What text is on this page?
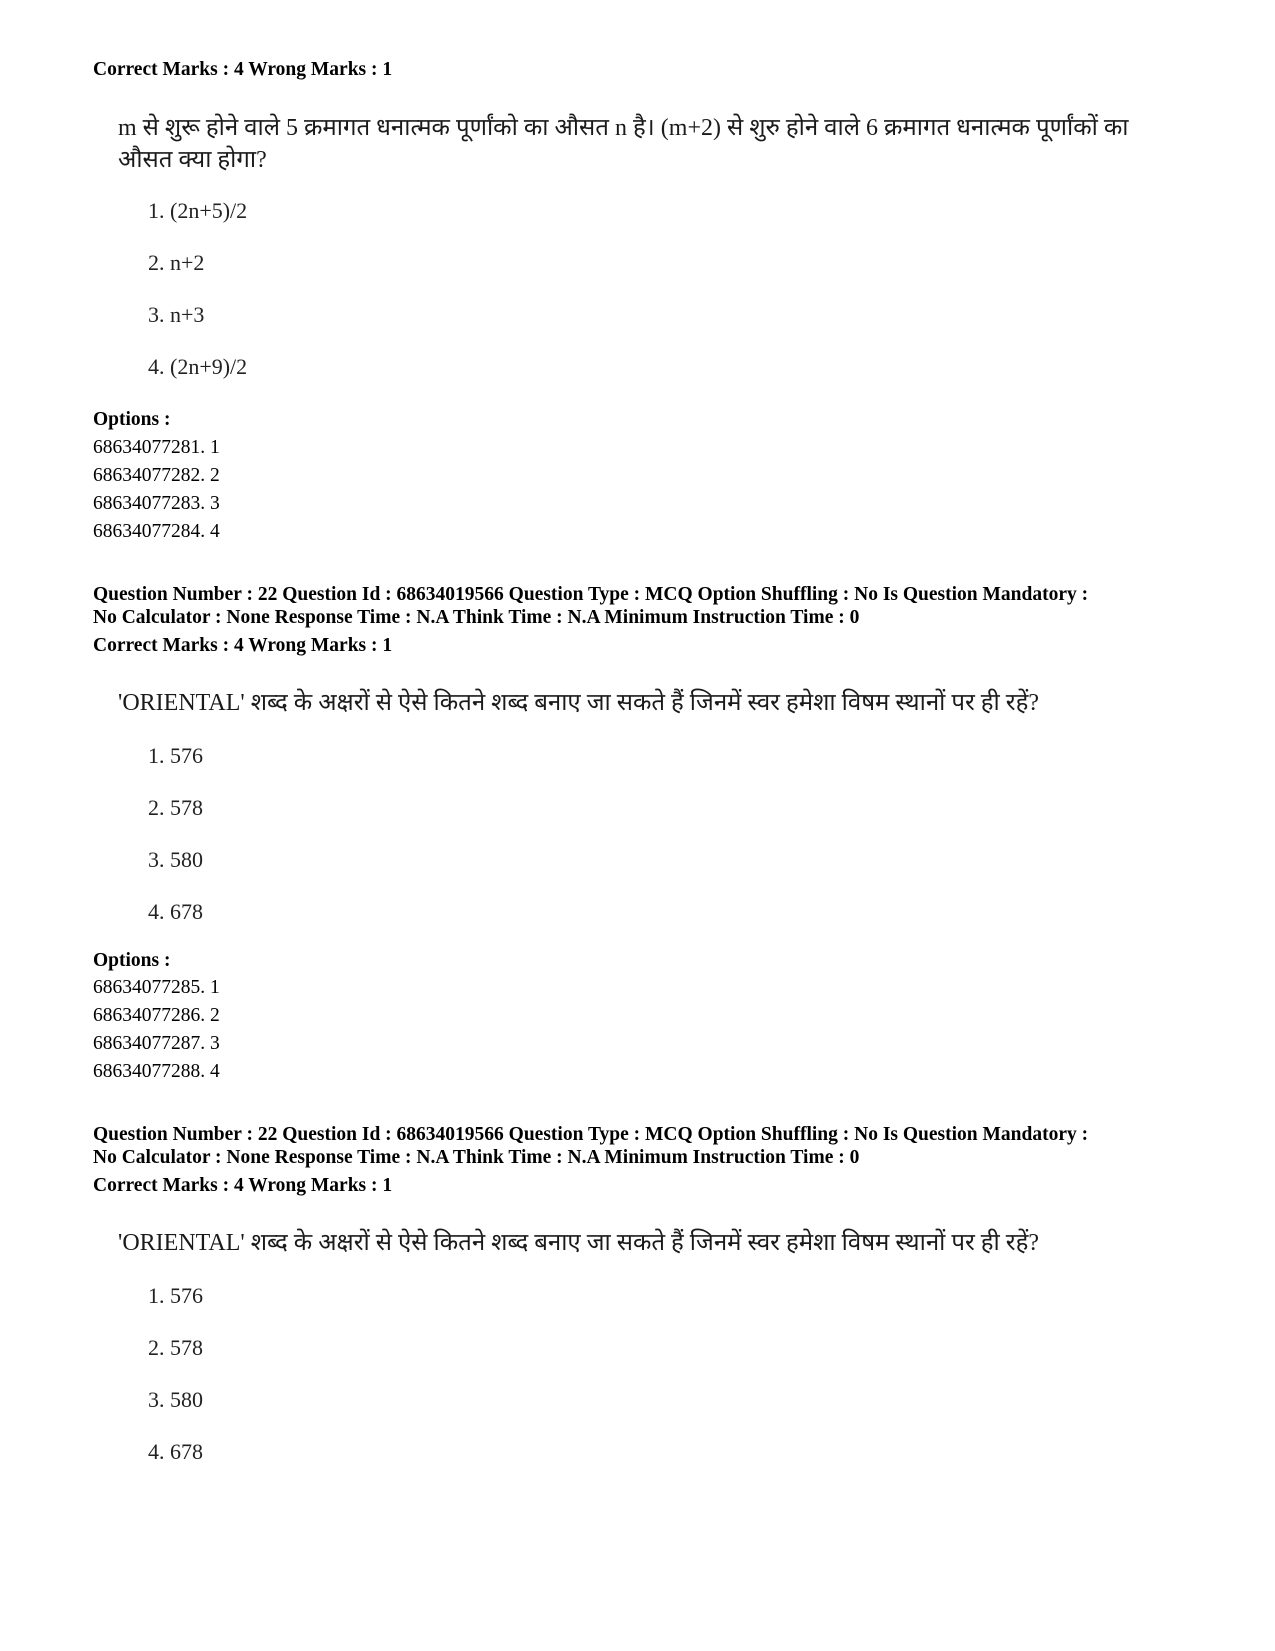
Correct Marks : 4 Wrong Marks : 1
m से शुरू होने वाले 5 क्रमागत धनात्मक पूर्णांको का औसत n है। (m+2) से शुरु होने वाले 6 क्रमागत धनात्मक पूर्णांकों का औसत क्या होगा?
1. (2n+5)/2
2. n+2
3. n+3
4. (2n+9)/2
Options :
68634077281. 1
68634077282. 2
68634077283. 3
68634077284. 4
Question Number : 22 Question Id : 68634019566 Question Type : MCQ Option Shuffling : No Is Question Mandatory :
No Calculator : None Response Time : N.A Think Time : N.A Minimum Instruction Time : 0
Correct Marks : 4 Wrong Marks : 1
'ORIENTAL' शब्द के अक्षरों से ऐसे कितने शब्द बनाए जा सकते हैं जिनमें स्वर हमेशा विषम स्थानों पर ही रहें?
1. 576
2. 578
3. 580
4. 678
Options :
68634077285. 1
68634077286. 2
68634077287. 3
68634077288. 4
Question Number : 22 Question Id : 68634019566 Question Type : MCQ Option Shuffling : No Is Question Mandatory :
No Calculator : None Response Time : N.A Think Time : N.A Minimum Instruction Time : 0
Correct Marks : 4 Wrong Marks : 1
'ORIENTAL' शब्द के अक्षरों से ऐसे कितने शब्द बनाए जा सकते हैं जिनमें स्वर हमेशा विषम स्थानों पर ही रहें?
1. 576
2. 578
3. 580
4. 678
